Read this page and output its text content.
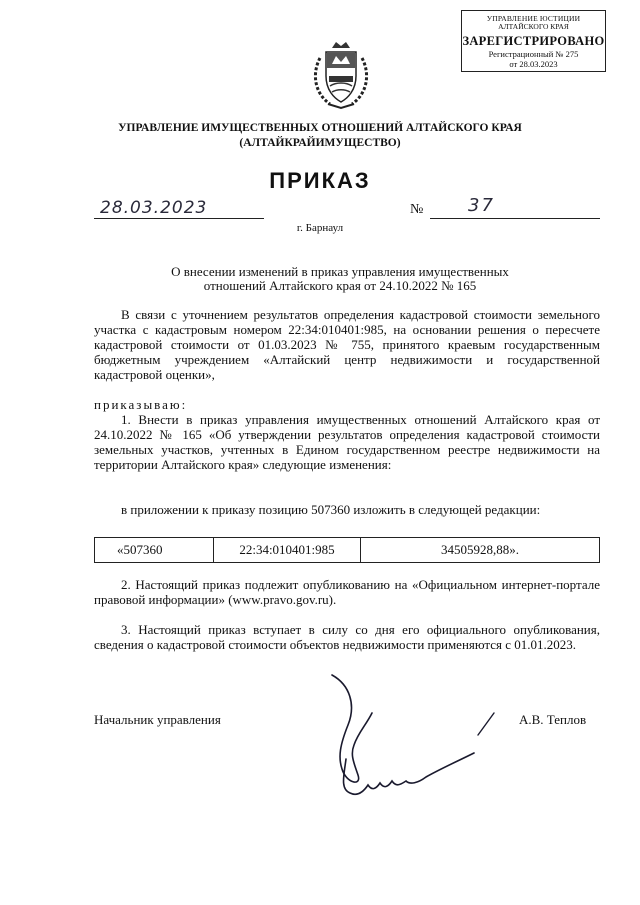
УПРАВЛЕНИЕ ЮСТИЦИИ
АЛТАЙСКОГО КРАЯ
ЗАРЕГИСТРИРОВАНО
Регистрационный № 275
от 28.03.2023
УПРАВЛЕНИЕ ИМУЩЕСТВЕННЫХ ОТНОШЕНИЙ АЛТАЙСКОГО КРАЯ
(АЛТАЙКРАЙИМУЩЕСТВО)
ПРИКАЗ
28.03.2023	№ 37
г. Барнаул
О внесении изменений в приказ управления имущественных
отношений Алтайского края от 24.10.2022 № 165
В связи с уточнением результатов определения кадастровой стоимости земельного участка с кадастровым номером 22:34:010401:985, на основании решения о пересчете кадастровой стоимости от 01.03.2023 № 755, принятого краевым государственным бюджетным учреждением «Алтайский центр недвижимости и государственной кадастровой оценки»,
приказываю:
1. Внести в приказ управления имущественных отношений Алтайского края от 24.10.2022 № 165 «Об утверждении результатов определения кадастровой стоимости земельных участков, учтенных в Едином государственном реестре недвижимости на территории Алтайского края» следующие изменения:
в приложении к приказу позицию 507360 изложить в следующей редакции:
«507360	22:34:010401:985	34505928,88».
2. Настоящий приказ подлежит опубликованию на «Официальном интернет-портале правовой информации» (www.pravo.gov.ru).
3. Настоящий приказ вступает в силу со дня его официального опубликования, сведения о кадастровой стоимости объектов недвижимости применяются с 01.01.2023.
Начальник управления	А.В. Теплов
